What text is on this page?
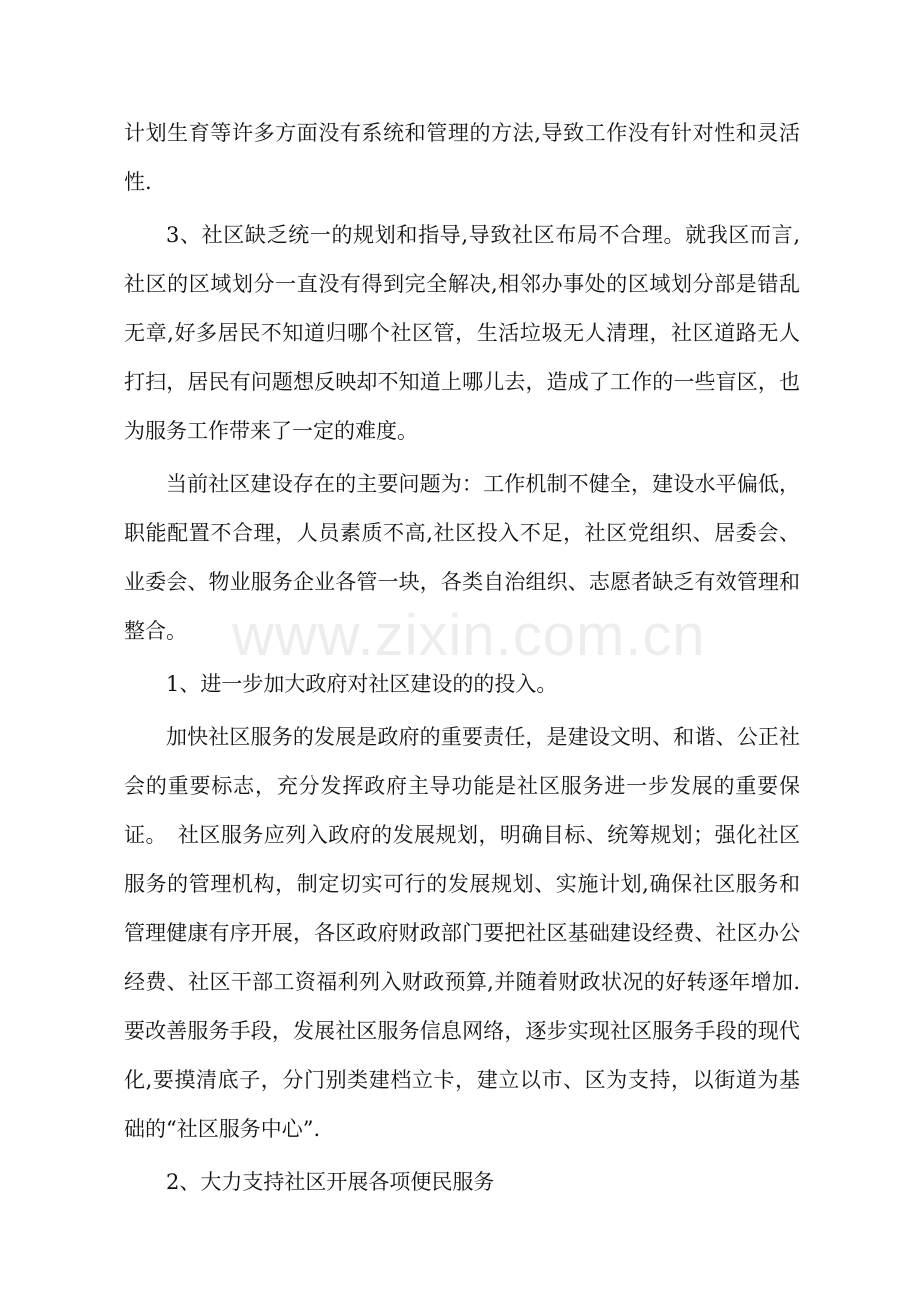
计划生育等许多方面没有系统和管理的方法,导致工作没有针对性和灵活性.

3、社区缺乏统一的规划和指导,导致社区布局不合理。就我区而言,社区的区域划分一直没有得到完全解决,相邻办事处的区域划分部是错乱无章,好多居民不知道归哪个社区管，生活垃圾无人清理，社区道路无人打扫，居民有问题想反映却不知道上哪儿去，造成了工作的一些盲区，也为服务工作带来了一定的难度。

当前社区建设存在的主要问题为：工作机制不健全，建设水平偏低，职能配置不合理，人员素质不高,社区投入不足，社区党组织、居委会、业委会、物业服务企业各管一块，各类自治组织、志愿者缺乏有效管理和整合。

1、进一步加大政府对社区建设的的投入。

加快社区服务的发展是政府的重要责任，是建设文明、和谐、公正社会的重要标志，充分发挥政府主导功能是社区服务进一步发展的重要保证。　社区服务应列入政府的发展规划，明确目标、统筹规划；强化社区服务的管理机构，制定切实可行的发展规划、实施计划,确保社区服务和管理健康有序开展，各区政府财政部门要把社区基础建设经费、社区办公经费、社区干部工资福利列入财政预算,并随着财政状况的好转逐年增加.　要改善服务手段，发展社区服务信息网络，逐步实现社区服务手段的现代化,要摸清底子，分门别类建档立卡，建立以市、区为支持，以街道为基础的“社区服务中心”.

2、大力支持社区开展各项便民服务

www.zixin.com.cn
